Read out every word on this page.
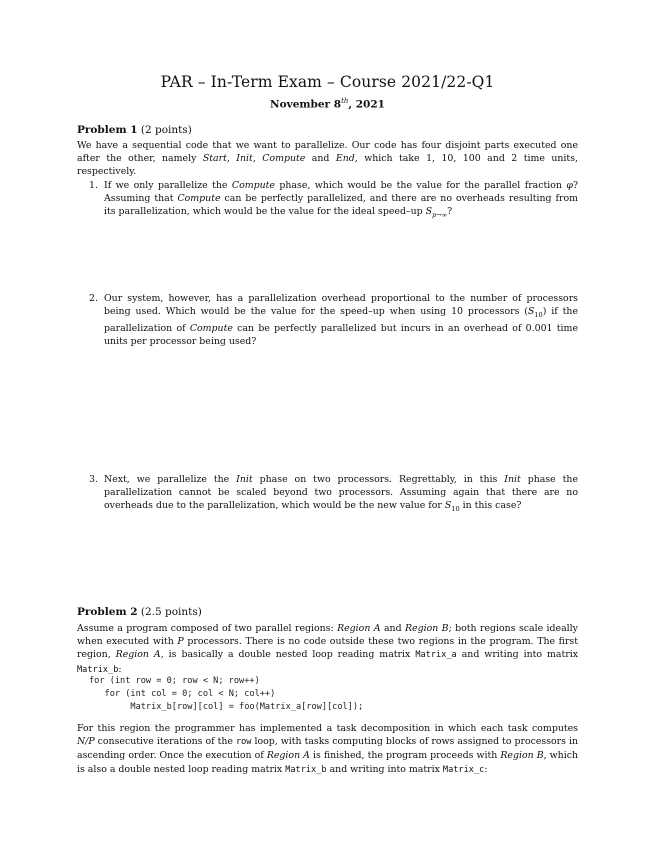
PAR – In-Term Exam – Course 2021/22-Q1
November 8th, 2021
Problem 1 (2 points)
We have a sequential code that we want to parallelize. Our code has four disjoint parts executed one after the other, namely Start, Init, Compute and End, which take 1, 10, 100 and 2 time units, respectively.
1. If we only parallelize the Compute phase, which would be the value for the parallel fraction φ? Assuming that Compute can be perfectly parallelized, and there are no overheads resulting from its parallelization, which would be the value for the ideal speed–up $S_{p\to\infty}$?
2. Our system, however, has a parallelization overhead proportional to the number of processors being used. Which would be the value for the speed–up when using 10 processors $(S_{10})$ if the parallelization of Compute can be perfectly parallelized but incurs in an overhead of 0.001 time units per processor being used?
3. Next, we parallelize the Init phase on two processors. Regrettably, in this Init phase the parallelization cannot be scaled beyond two processors. Assuming again that there are no overheads due to the parallelization, which would be the new value for $S_{10}$ in this case?
Problem 2 (2.5 points)
Assume a program composed of two parallel regions: Region A and Region B; both regions scale ideally when executed with P processors. There is no code outside these two regions in the program. The first region, Region A, is basically a double nested loop reading matrix Matrix_a and writing into matrix Matrix_b:
for (int row = 0; row < N; row++)
for (int col = 0; col < N; col++)
Matrix_b[row][col] = foo(Matrix_a[row][col]);
For this region the programmer has implemented a task decomposition in which each task computes N/P consecutive iterations of the row loop, with tasks computing blocks of rows assigned to processors in ascending order. Once the execution of Region A is finished, the program proceeds with Region B, which is also a double nested loop reading matrix Matrix_b and writing into matrix Matrix_c:
